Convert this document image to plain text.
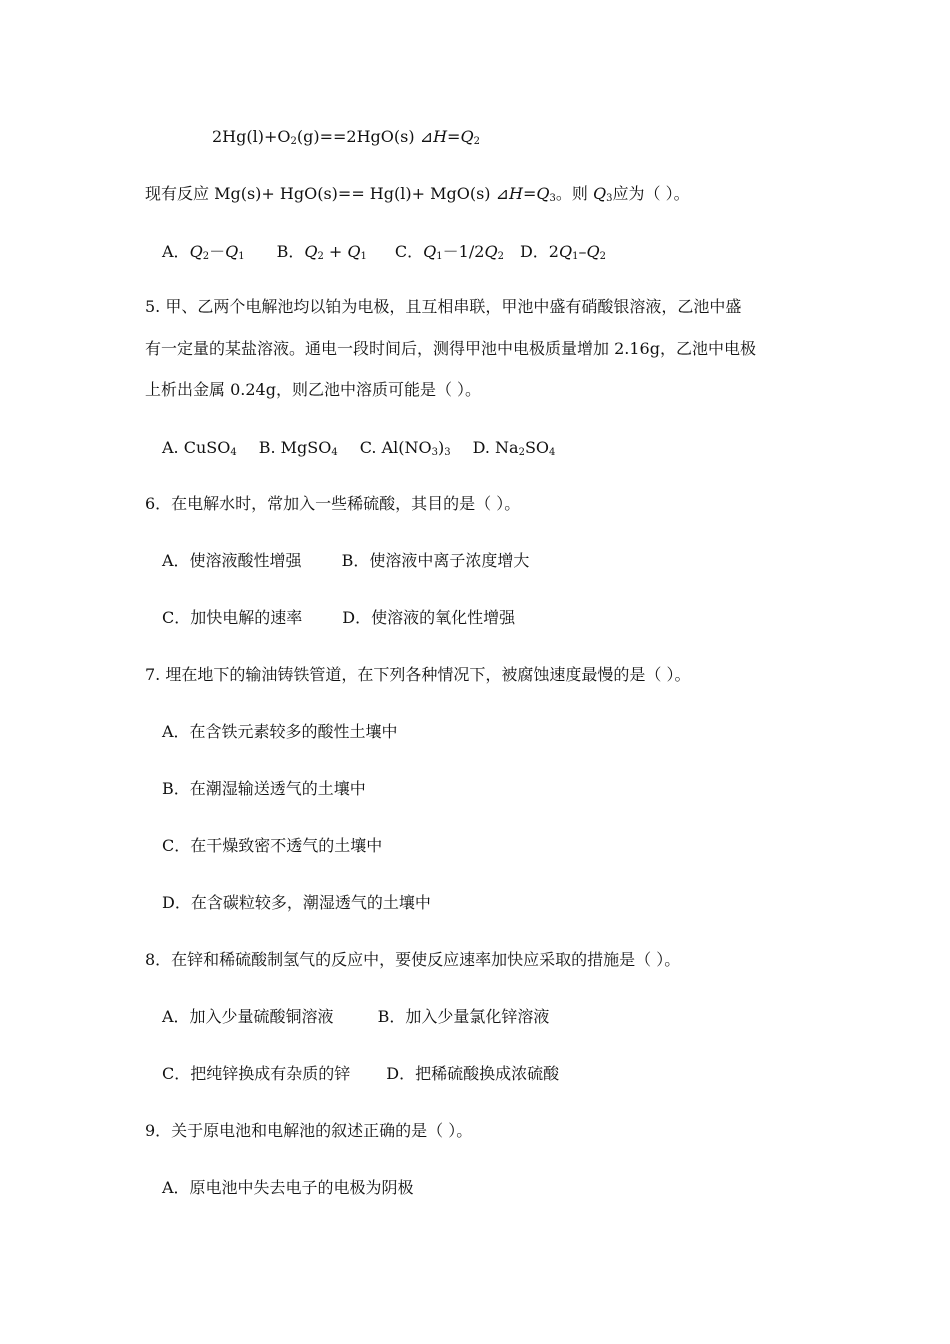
$2Hg(l)+O_2(g)==2HgO(s)$ $⊿H=Q_2$
现有反应 Mg(s)+ HgO(s)== Hg(l)+ MgO(s) $⊿H=Q_3$。则 $Q_3$应为（ ）。
A．$Q_2-Q_1$ B．$Q_2 + Q_1$ C．$Q_1-1/2Q_2$ D．$2Q_1-Q_2$
5. 甲、乙两个电解池均以铂为电极，且互相串联，甲池中盛有硝酸银溶液，乙池中盛
有一定量的某盐溶液。通电一段时间后，测得甲池中电极质量增加 2.16g，乙池中电极
上析出金属 0.24g，则乙池中溶质可能是（ ）。
A. CuSO$_4$ B. MgSO$_4$ C. $Al(NO_3)_3$ D. $Na_2SO_4$
6．在电解水时，常加入一些稀硫酸，其目的是（ ）。
A．使溶液酸性增强	B．使溶液中离子浓度增大
C．加快电解的速率	D．使溶液的氧化性增强
7. 埋在地下的输油铸铁管道，在下列各种情况下，被腐蚀速度最慢的是（ ）。
A．在含铁元素较多的酸性土壤中
B．在潮湿输送透气的土壤中
C．在干燥致密不透气的土壤中
D．在含碳粒较多，潮湿透气的土壤中
8．在锌和稀硫酸制氢气的反应中，要使反应速率加快应采取的措施是（ ）。
A．加入少量硫酸铜溶液	B．加入少量氯化锌溶液
C．把纯锌换成有杂质的锌 D．把稀硫酸换成浓硫酸
9．关于原电池和电解池的叙述正确的是（ ）。
A．原电池中失去电子的电极为阴极
